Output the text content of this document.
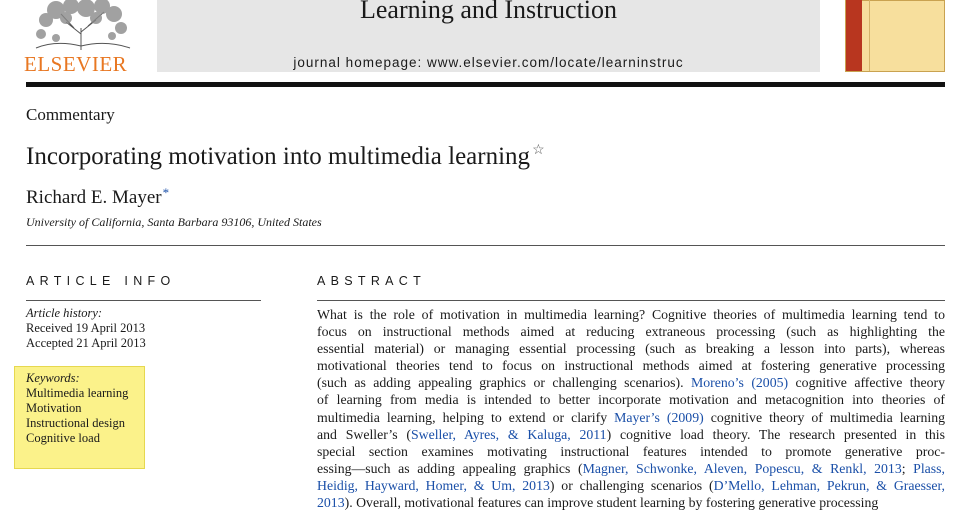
ELSEVIER
Learning and Instruction
journal homepage: www.elsevier.com/locate/learninstruc
Commentary
Incorporating motivation into multimedia learning ☆
Richard E. Mayer*
University of California, Santa Barbara 93106, United States
ARTICLE INFO
Article history:
Received 19 April 2013
Accepted 21 April 2013
Keywords:
Multimedia learning
Motivation
Instructional design
Cognitive load
ABSTRACT
What is the role of motivation in multimedia learning? Cognitive theories of multimedia learning tend to
focus on instructional methods aimed at reducing extraneous processing (such as highlighting the
essential material) or managing essential processing (such as breaking a lesson into parts), whereas
motivational theories tend to focus on instructional methods aimed at fostering generative processing
(such as adding appealing graphics or challenging scenarios). Moreno’s (2005) cognitive affective theory
of learning from media is intended to better incorporate motivation and metacognition into theories of
multimedia learning, helping to extend or clarify Mayer’s (2009) cognitive theory of multimedia learning
and Sweller’s (Sweller, Ayres, & Kaluga, 2011) cognitive load theory. The research presented in this
special section examines motivating instructional features intended to promote generative proc-
essing—such as adding appealing graphics (Magner, Schwonke, Aleven, Popescu, & Renkl, 2013; Plass,
Heidig, Hayward, Homer, & Um, 2013) or challenging scenarios (D’Mello, Lehman, Pekrun, & Graesser,
2013). Overall, motivational features can improve student learning by fostering generative processing
